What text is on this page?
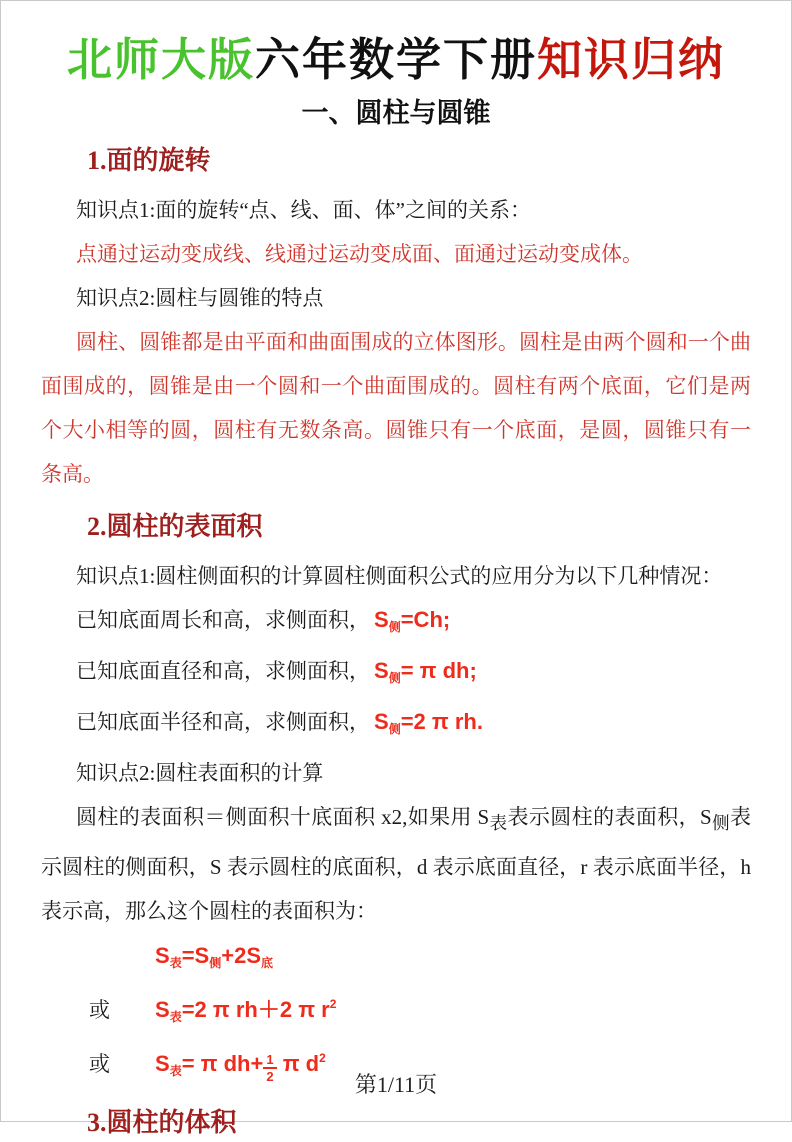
北师大版六年数学下册知识归纳
一、圆柱与圆锥
1.面的旋转

知识点1:面的旋转“点、线、面、体”之间的关系：

点通过运动变成线、线通过运动变成面、面通过运动变成体。

知识点2:圆柱与圆锥的特点

圆柱、圆锥都是由平面和曲面围成的立体图形。圆柱是由两个圆和一个曲面围成的，圆锥是由一个圆和一个曲面围成的。圆柱有两个底面，它们是两个大小相等的圆，圆柱有无数条高。圆锥只有一个底面，是圆，圆锥只有一条高。

2.圆柱的表面积

知识点1:圆柱侧面积的计算圆柱侧面积公式的应用分为以下几种情况：

已知底面周长和高，求侧面积， $S_侧=Ch$;

已知底面直径和高，求侧面积， $S_侧= \pi$ dh;

已知底面半径和高，求侧面积， $S_侧=2$ π rh.

知识点2:圆柱表面积的计算

圆柱的表面积＝侧面积十底面积 x2,如果用 $S_表$表示圆柱的表面积，$S_侧$表示圆柱的侧面积，S 表示圆柱的底面积，d 表示底面直径，r 表示底面半径，h 表示高，那么这个圆柱的表面积为：

$S_表=S_侧+2S_底$

或 $S_表=2$ π rh＋2 π $r^2$

或 $S_表= \pi$ $dh+ \frac{1}{2}$ π $d^2$

3.圆柱的体积
第1/11页
